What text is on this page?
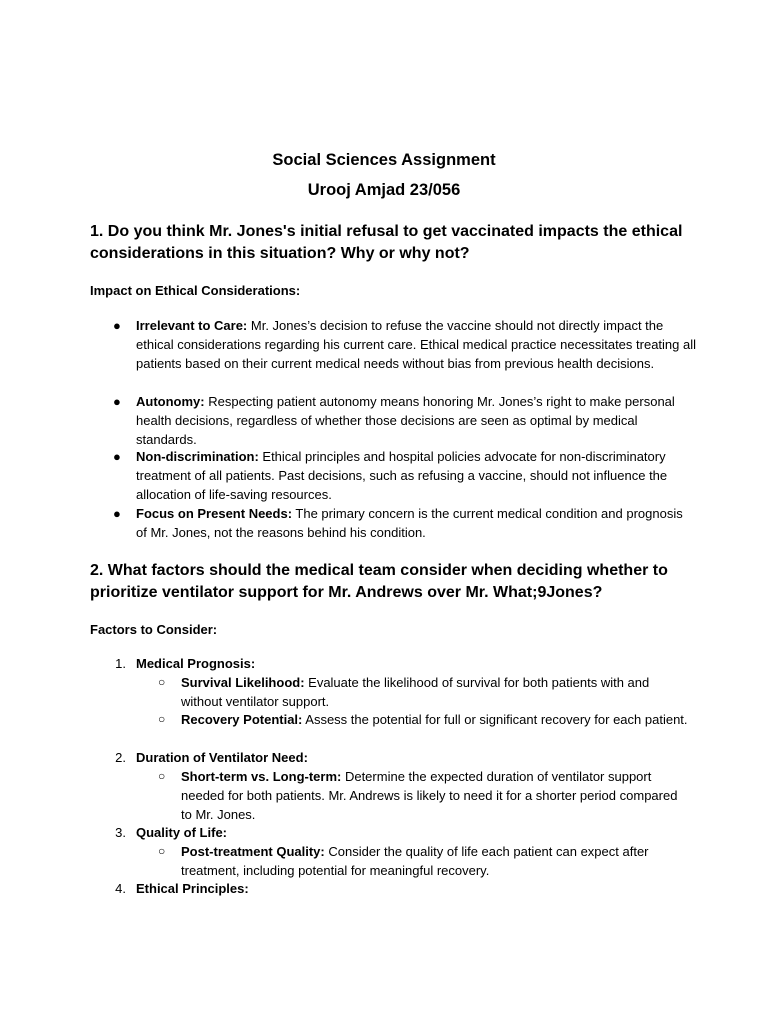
Social Sciences Assignment
Urooj Amjad 23/056
1. Do you think Mr. Jones's initial refusal to get vaccinated impacts the ethical considerations in this situation? Why or why not?
Impact on Ethical Considerations:
● Irrelevant to Care: Mr. Jones’s decision to refuse the vaccine should not directly impact the ethical considerations regarding his current care. Ethical medical practice necessitates treating all patients based on their current medical needs without bias from previous health decisions.
● Autonomy: Respecting patient autonomy means honoring Mr. Jones’s right to make personal health decisions, regardless of whether those decisions are seen as optimal by medical standards.
● Non-discrimination: Ethical principles and hospital policies advocate for non-discriminatory treatment of all patients. Past decisions, such as refusing a vaccine, should not influence the allocation of life-saving resources.
● Focus on Present Needs: The primary concern is the current medical condition and prognosis of Mr. Jones, not the reasons behind his condition.
2. What factors should the medical team consider when deciding whether to prioritize ventilator support for Mr. Andrews over Mr. What;9Jones?
Factors to Consider:
1. Medical Prognosis:
○ Survival Likelihood: Evaluate the likelihood of survival for both patients with and without ventilator support.
○ Recovery Potential: Assess the potential for full or significant recovery for each patient.
2. Duration of Ventilator Need:
○ Short-term vs. Long-term: Determine the expected duration of ventilator support needed for both patients. Mr. Andrews is likely to need it for a shorter period compared to Mr. Jones.
3. Quality of Life:
○ Post-treatment Quality: Consider the quality of life each patient can expect after treatment, including potential for meaningful recovery.
4. Ethical Principles:
